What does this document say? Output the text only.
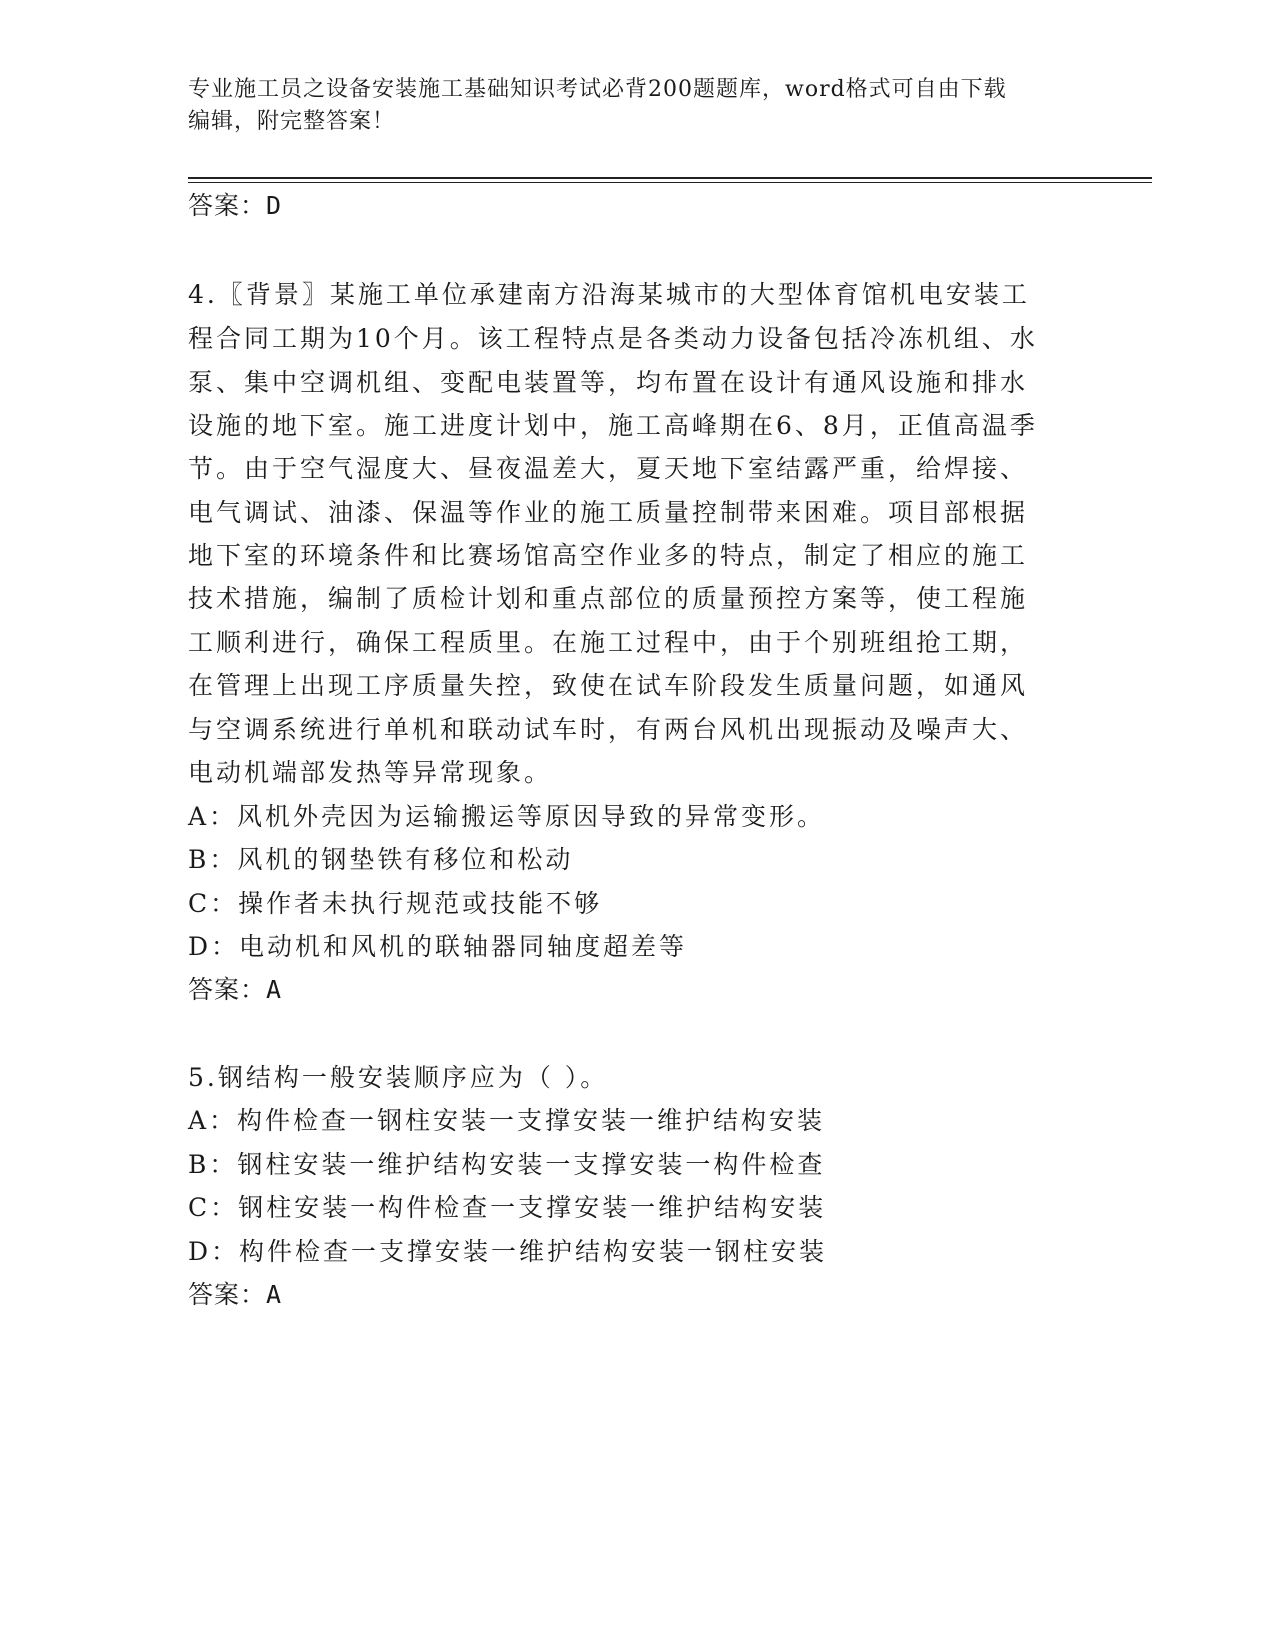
专业施工员之设备安装施工基础知识考试必背200题题库，word格式可自由下载
编辑，附完整答案！
答案：D
4.〖背景〗某施工单位承建南方沿海某城市的大型体育馆机电安装工
程合同工期为10个月。该工程特点是各类动力设备包括冷冻机组、水
泵、集中空调机组、变配电装置等，均布置在设计有通风设施和排水
设施的地下室。施工进度计划中，施工高峰期在6、8月，正值高温季
节。由于空气湿度大、昼夜温差大，夏天地下室结露严重，给焊接、
电气调试、油漆、保温等作业的施工质量控制带来困难。项目部根据
地下室的环境条件和比赛场馆高空作业多的特点，制定了相应的施工
技术措施，编制了质检计划和重点部位的质量预控方案等，使工程施
工顺利进行，确保工程质里。在施工过程中，由于个别班组抢工期，
在管理上出现工序质量失控，致使在试车阶段发生质量问题，如通风
与空调系统进行单机和联动试车时，有两台风机出现振动及噪声大、
电动机端部发热等异常现象。
A：风机外壳因为运输搬运等原因导致的异常变形。
B：风机的钢垫铁有移位和松动
C：操作者未执行规范或技能不够
D：电动机和风机的联轴器同轴度超差等
答案：A
5.钢结构一般安装顺序应为（ ）。
A：构件检查一钢柱安装一支撑安装一维护结构安装
B：钢柱安装一维护结构安装一支撑安装一构件检查
C：钢柱安装一构件检查一支撑安装一维护结构安装
D：构件检查一支撑安装一维护结构安装一钢柱安装
答案：A
